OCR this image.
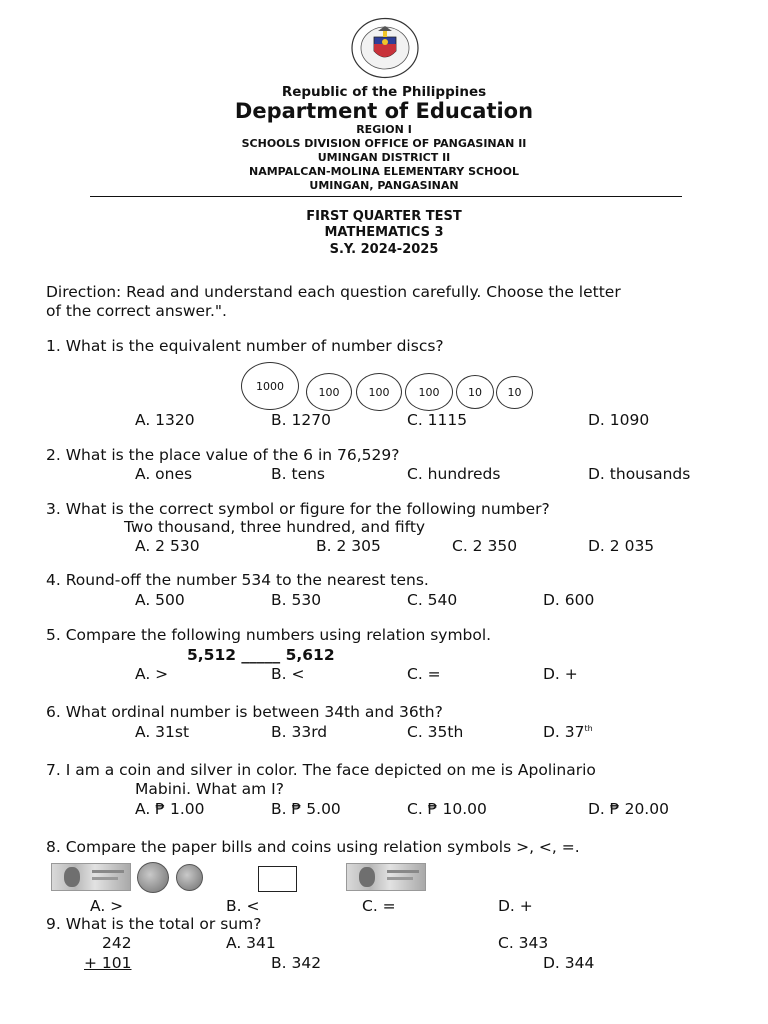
Republic of the Philippines
Department of Education
REGION I
SCHOOLS DIVISION OFFICE OF PANGASINAN II
UMINGAN DISTRICT II
NAMPALCAN-MOLINA ELEMENTARY SCHOOL
UMINGAN, PANGASINAN
FIRST QUARTER TEST
MATHEMATICS 3
S.Y. 2024-2025
Direction: Read and understand each question carefully. Choose the letter
of the correct answer.".
1. What is the equivalent number of number discs?
1000	100	100	100	10	10
A. 1320	B. 1270	C. 1115	D. 1090
2. What is the place value of the 6 in 76,529?
A. ones	B. tens	C. hundreds	D. thousands
3. What is the correct symbol or figure for the following number?
Two thousand, three hundred, and fifty
A. 2 530	B. 2 305	C. 2 350	D. 2 035
4. Round-off the number 534 to the nearest tens.
A. 500	B. 530	C. 540	D. 600
5. Compare the following numbers using relation symbol.
5,512 _____ 5,612
A. >	B. <	C. =	D. +
6. What ordinal number is between 34th and 36th?
A. 31st	B. 33rd	C. 35th	D. 37th
7. I am a coin and silver in color. The face depicted on me is Apolinario
Mabini. What am I?
A. ₱ 1.00	B. ₱ 5.00	C. ₱ 10.00	D. ₱ 20.00
8. Compare the paper bills and coins using relation symbols >, <, =.
A. >	B. <	C. =	D. +
9. What is the total or sum?
242
+ 101
A. 341
B. 342
C. 343
D. 344
